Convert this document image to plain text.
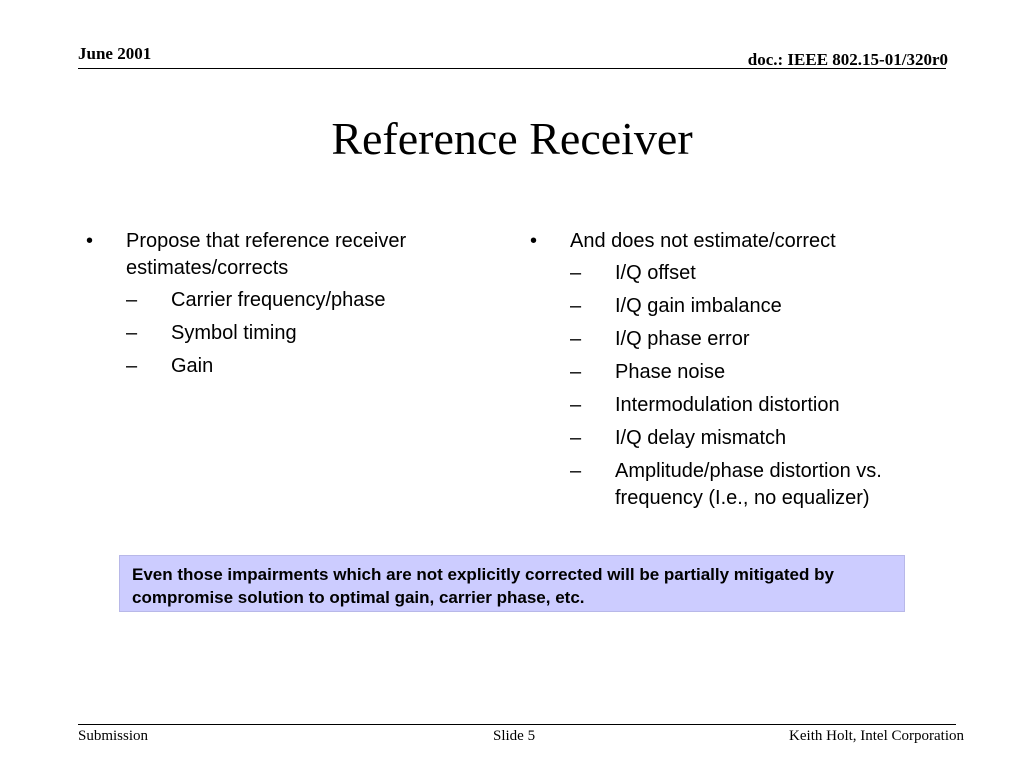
June 2001	doc.: IEEE 802.15-01/320r0
Reference Receiver
• Propose that reference receiver estimates/corrects
– Carrier frequency/phase
– Symbol timing
– Gain
• And does not estimate/correct
– I/Q offset
– I/Q gain imbalance
– I/Q phase error
– Phase noise
– Intermodulation distortion
– I/Q delay mismatch
– Amplitude/phase distortion vs. frequency (I.e., no equalizer)
Even those impairments which are not explicitly corrected will be partially mitigated by compromise solution to optimal gain, carrier phase, etc.
Submission	Slide 5	Keith Holt, Intel Corporation
